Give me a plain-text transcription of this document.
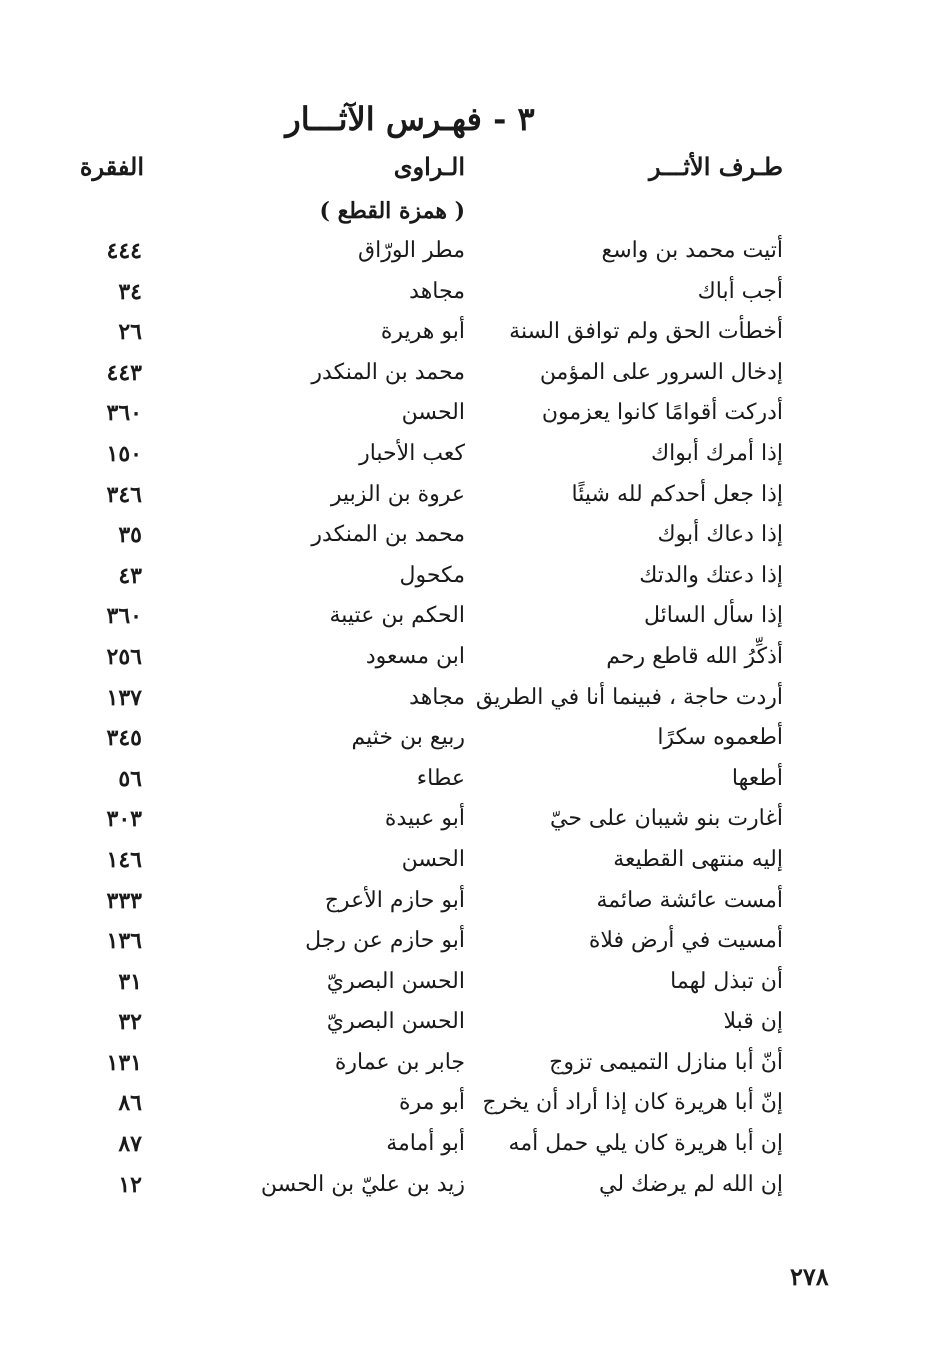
٣ - فهـرس الآثـــار
طـرف الأثـــر
الـراوى
الفقرة
( همزة القطع )
أتيت محمد بن واسع
مطر الورّاق
٤٤٤
أجب أباك
مجاهد
٣٤
أخطأت الحق ولم توافق السنة
أبو هريرة
٢٦
إدخال السرور على المؤمن
محمد بن المنكدر
٤٤٣
أدركت أقوامًا كانوا يعزمون
الحسن
٣٦٠
إذا أمرك أبواك
كعب الأحبار
١٥٠
إذا جعل أحدكم لله شيئًا
عروة بن الزبير
٣٤٦
إذا دعاك أبوك
محمد بن المنكدر
٣٥
إذا دعتك والدتك
مكحول
٤٣
إذا سأل السائل
الحكم بن عتيبة
٣٦٠
أذكِّرُ الله قاطع رحم
ابن مسعود
٢٥٦
أردت حاجة ، فبينما أنا في الطريق
مجاهد
١٣٧
أطعموه سكرًا
ربيع بن خثيم
٣٤٥
أطعها
عطاء
٥٦
أغارت بنو شيبان على حيّ
أبو عبيدة
٣٠٣
إليه منتهى القطيعة
الحسن
١٤٦
أمست عائشة صائمة
أبو حازم الأعرج
٣٣٣
أمسيت في أرض فلاة
أبو حازم عن رجل
١٣٦
أن تبذل لهما
الحسن البصريّ
٣١
إن قبلا
الحسن البصريّ
٣٢
أنّ أبا منازل التميمى تزوج
جابر بن عمارة
١٣١
إنّ أبا هريرة كان إذا أراد أن يخرج
أبو مرة
٨٦
إن أبا هريرة كان يلي حمل أمه
أبو أمامة
٨٧
إن الله لم يرضك لي
زيد بن عليّ بن الحسن
١٢
٢٧٨
